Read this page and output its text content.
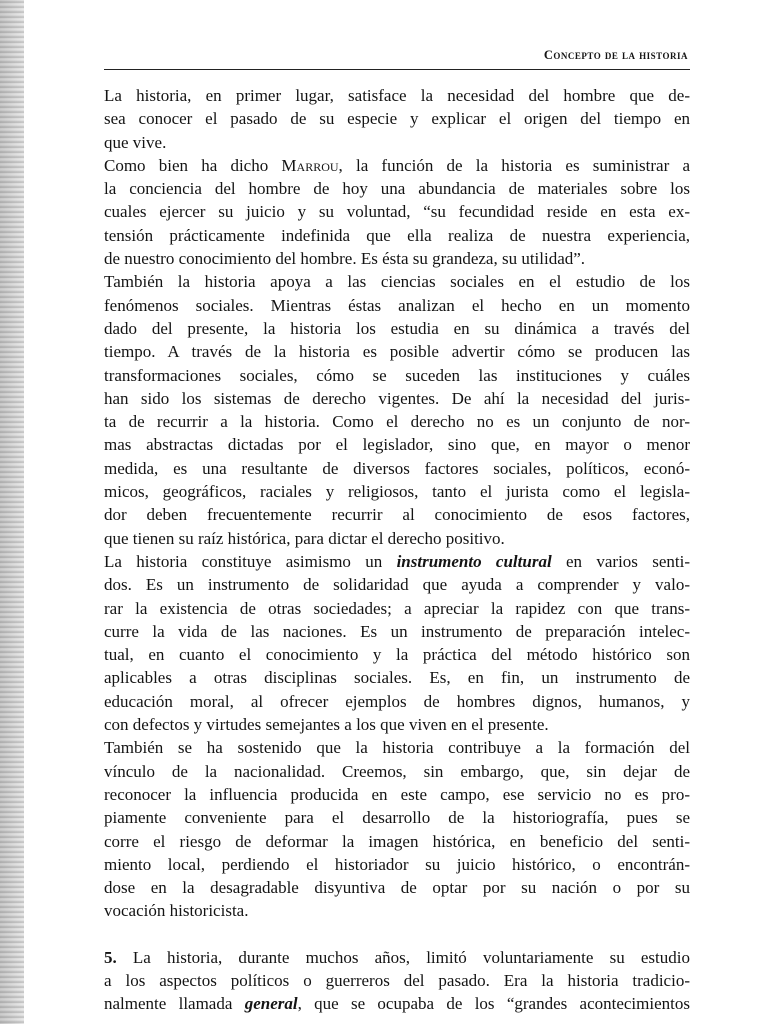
Concepto de la historia
La historia, en primer lugar, satisface la necesidad del hombre que de-
sea conocer el pasado de su especie y explicar el origen del tiempo en
que vive.
Como bien ha dicho Marrou, la función de la historia es suministrar a
la conciencia del hombre de hoy una abundancia de materiales sobre los
cuales ejercer su juicio y su voluntad, “su fecundidad reside en esta ex-
tensión prácticamente indefinida que ella realiza de nuestra experiencia,
de nuestro conocimiento del hombre. Es ésta su grandeza, su utilidad”.
También la historia apoya a las ciencias sociales en el estudio de los
fenómenos sociales. Mientras éstas analizan el hecho en un momento
dado del presente, la historia los estudia en su dinámica a través del
tiempo. A través de la historia es posible advertir cómo se producen las
transformaciones sociales, cómo se suceden las instituciones y cuáles
han sido los sistemas de derecho vigentes. De ahí la necesidad del juris-
ta de recurrir a la historia. Como el derecho no es un conjunto de nor-
mas abstractas dictadas por el legislador, sino que, en mayor o menor
medida, es una resultante de diversos factores sociales, políticos, econó-
micos, geográficos, raciales y religiosos, tanto el jurista como el legisla-
dor deben frecuentemente recurrir al conocimiento de esos factores,
que tienen su raíz histórica, para dictar el derecho positivo.
La historia constituye asimismo un instrumento cultural en varios senti-
dos. Es un instrumento de solidaridad que ayuda a comprender y valo-
rar la existencia de otras sociedades; a apreciar la rapidez con que trans-
curre la vida de las naciones. Es un instrumento de preparación intelec-
tual, en cuanto el conocimiento y la práctica del método histórico son
aplicables a otras disciplinas sociales. Es, en fin, un instrumento de
educación moral, al ofrecer ejemplos de hombres dignos, humanos, y
con defectos y virtudes semejantes a los que viven en el presente.
También se ha sostenido que la historia contribuye a la formación del
vínculo de la nacionalidad. Creemos, sin embargo, que, sin dejar de
reconocer la influencia producida en este campo, ese servicio no es pro-
piamente conveniente para el desarrollo de la historiografía, pues se
corre el riesgo de deformar la imagen histórica, en beneficio del senti-
miento local, perdiendo el historiador su juicio histórico, o encontrán-
dose en la desagradable disyuntiva de optar por su nación o por su
vocación historicista.
5. La historia, durante muchos años, limitó voluntariamente su estudio
a los aspectos políticos o guerreros del pasado. Era la historia tradicio-
nalmente llamada general, que se ocupaba de los “grandes acontecimientos
